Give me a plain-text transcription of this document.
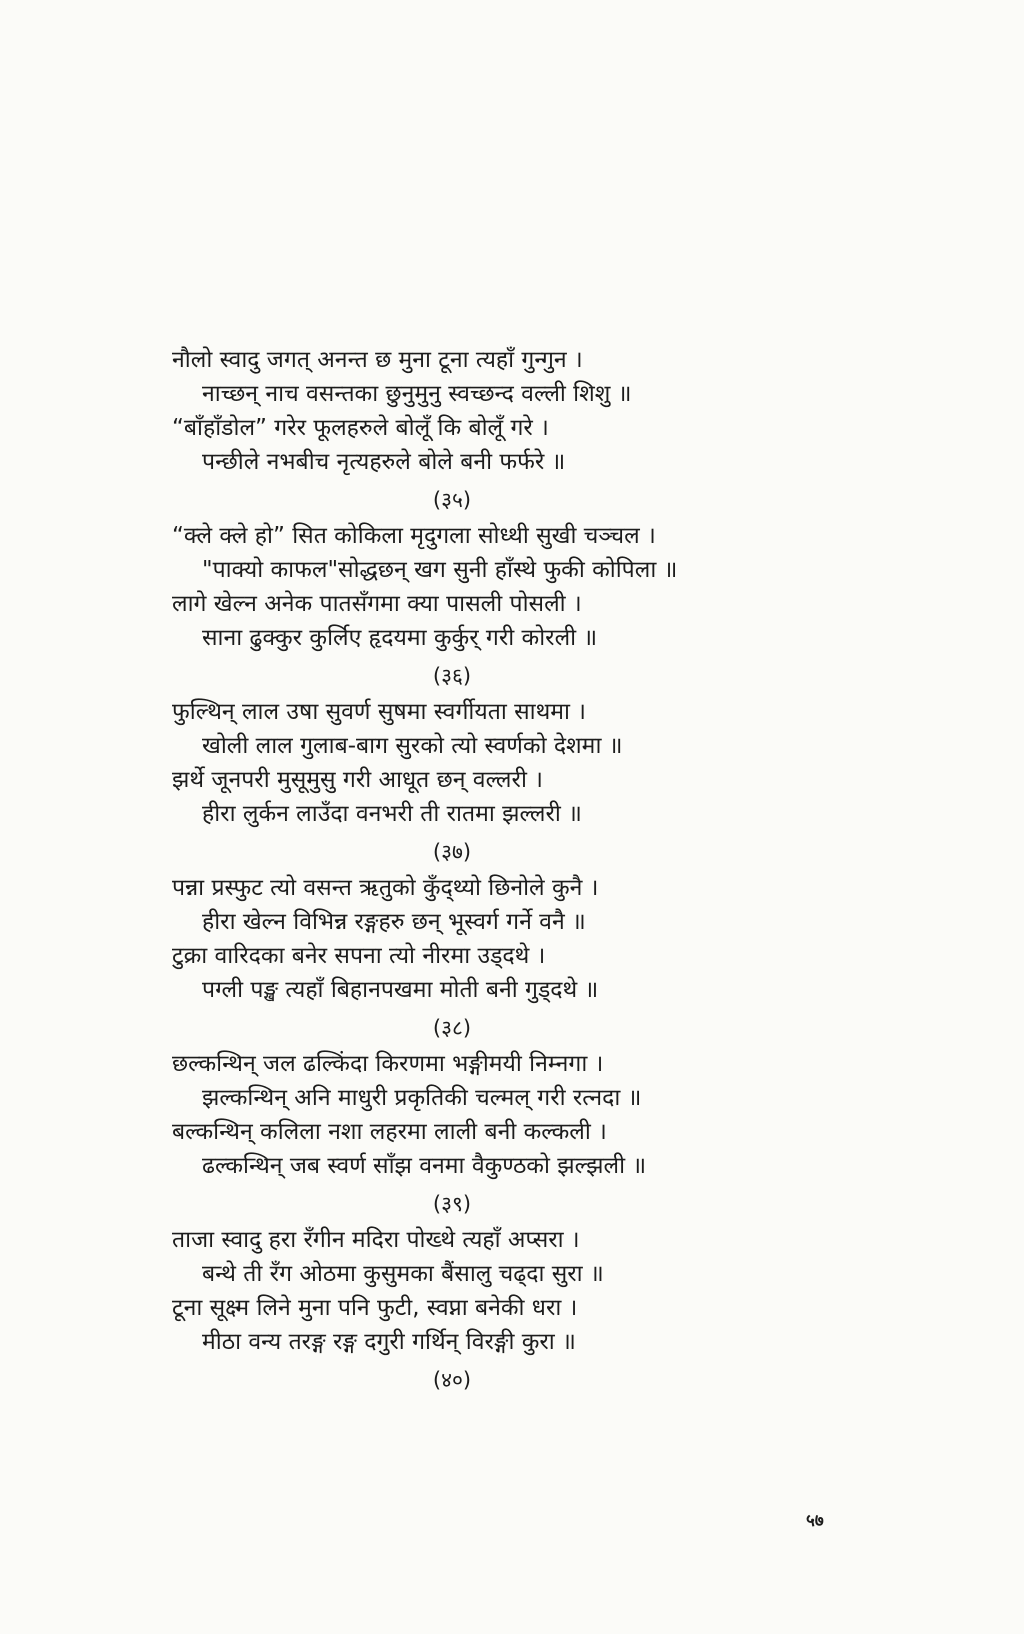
नौलो स्वादु जगत् अनन्त छ मुना टूना त्यहाँ गुन्गुन ।
नाच्छन् नाच वसन्तका छुनुमुनु स्वच्छन्द वल्ली शिशु ॥
“बाँहाँडोल” गरेर फूलहरुले बोलूँ कि बोलूँ गरे ।
पन्छीले नभबीच नृत्यहरुले बोले बनी फर्फरे ॥
(३५)
“क्ले क्ले हो” सित कोकिला मृदुगला सोध्थी सुखी चञ्चल ।
"पाक्यो काफल"सोद्धछन् खग सुनी हाँस्थे फुकी कोपिला ॥
लागे खेल्न अनेक पातसँगमा क्या पासली पोसली ।
साना ढुक्कुर कुर्लिए हृदयमा कुर्कुर् गरी कोरली ॥
(३६)
फुल्थिन् लाल उषा सुवर्ण सुषमा स्वर्गीयता साथमा ।
खोली लाल गुलाब-बाग सुरको त्यो स्वर्णको देशमा ॥
झर्थे जूनपरी मुसूमुसु गरी आधूत छन् वल्लरी ।
हीरा लुर्कन लाउँदा वनभरी ती रातमा झल्लरी ॥
(३७)
पन्ना प्रस्फुट त्यो वसन्त ऋतुको कुँद्थ्यो छिनोले कुनै ।
हीरा खेल्न विभिन्न रङ्गहरु छन् भूस्वर्ग गर्ने वनै ॥
टुक्रा वारिदका बनेर सपना त्यो नीरमा उड्दथे ।
पग्ली पङ्ख त्यहाँ बिहानपखमा मोती बनी गुड्दथे ॥
(३८)
छल्कन्थिन् जल ढल्किंदा किरणमा भङ्गीमयी निम्नगा ।
झल्कन्थिन् अनि माधुरी प्रकृतिकी चल्मल् गरी रत्नदा ॥
बल्कन्थिन् कलिला नशा लहरमा लाली बनी कल्कली ।
ढल्कन्थिन् जब स्वर्ण साँझ वनमा वैकुण्ठको झल्झली ॥
(३९)
ताजा स्वादु हरा रँगीन मदिरा पोख्थे त्यहाँ अप्सरा ।
बन्थे ती रँग ओठमा कुसुमका बैंसालु चढ्दा सुरा ॥
टूना सूक्ष्म लिने मुना पनि फुटी, स्वप्ना बनेकी धरा ।
मीठा वन्य तरङ्ग रङ्ग दगुरी गर्थिन् विरङ्गी कुरा ॥
(४०)
५७
